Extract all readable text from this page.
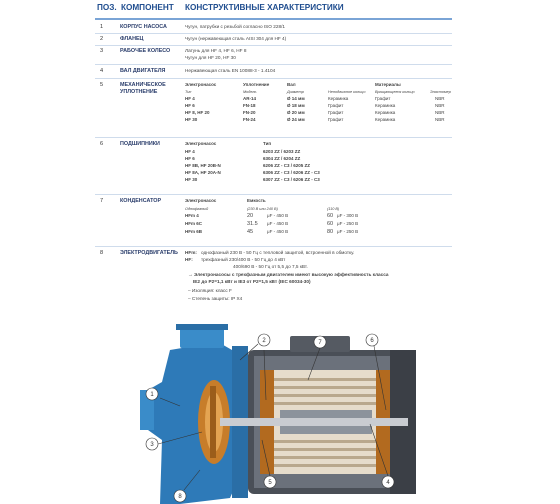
ПОЗ. КОМПОНЕНТ КОНСТРУКТИВНЫЕ ХАРАКТЕРИСТИКИ
1	КОРПУС НАСОСА	Чугун, патрубки с резьбой согласно ISO 228/1
2	ФЛАНЕЦ	Чугун (нержавеющая сталь AISI 304 для HF 4)
3	РАБОЧЕЕ КОЛЕСО	Латунь для HF 4, HF 6, HF 8
Чугун для HF 20, HF 30
4	ВАЛ ДВИГАТЕЛЯ	Нержавеющая сталь EN 10088-3 - 1.4104
5	МЕХАНИЧЕСКОЕ
УПЛОТНЕНИЕ
Электронасос	Уплотнение	Вал	Материалы
Тип	Модель	Диаметр	Неподвижное кольцо	Вращающееся кольцо	Эластомер
HF 4	AR-14	Ø 14 мм	Керамика	Графит	NBR
HF 6	FN-18	Ø 18 мм	Графит	Керамика	NBR
HF 8, HF 20	FN-20	Ø 20 мм	Графит	Керамика	NBR
HF 30	FN-24	Ø 24 мм	Графит	Керамика	NBR
6	ПОДШИПНИКИ	Электронасос	Тип
HF 4	6203 ZZ / 6203 ZZ
HF 6	6304 ZZ / 6204 ZZ
HF 8B, HF 20B-N	6206 ZZ - C3 / 6205 ZZ
HF 8A, HF 20A-N	6306 ZZ - C3 / 6206 ZZ - C3
HF 30	6307 ZZ - C3 / 6206 ZZ - C3
7	КОНДЕНСАТОР	Электронасос	Емкость
Однофазный	(230 В или 240 В)	(110 В)
HFm 4	20	μF - 450 В	60 μF - 300 В
HFm 6C	31.5 μF - 450 В	60 μF - 250 В
HFm 6B	45	μF - 450 В	80 μF - 250 В
8	ЭЛЕКТРОДВИГАТЕЛЬ HFm: однофазный 230 В - 50 Гц с тепловой защитой, встроенной в обмотку.
HF: трехфазный 230/400 В - 50 Гц до 4 кВт
400/690 В - 50 Гц от 5,5 до 7,5 кВт.
→ Электронасосы с трехфазным двигателем имеют высокую эффективность класса
IE2 до P2=1,1 кВт и IE3 от P2=1,5 кВт (IEC 60034-30)
– Изоляция: класс F
– Степень защиты: IP X4
1
2
3
4
5
6
7
8
